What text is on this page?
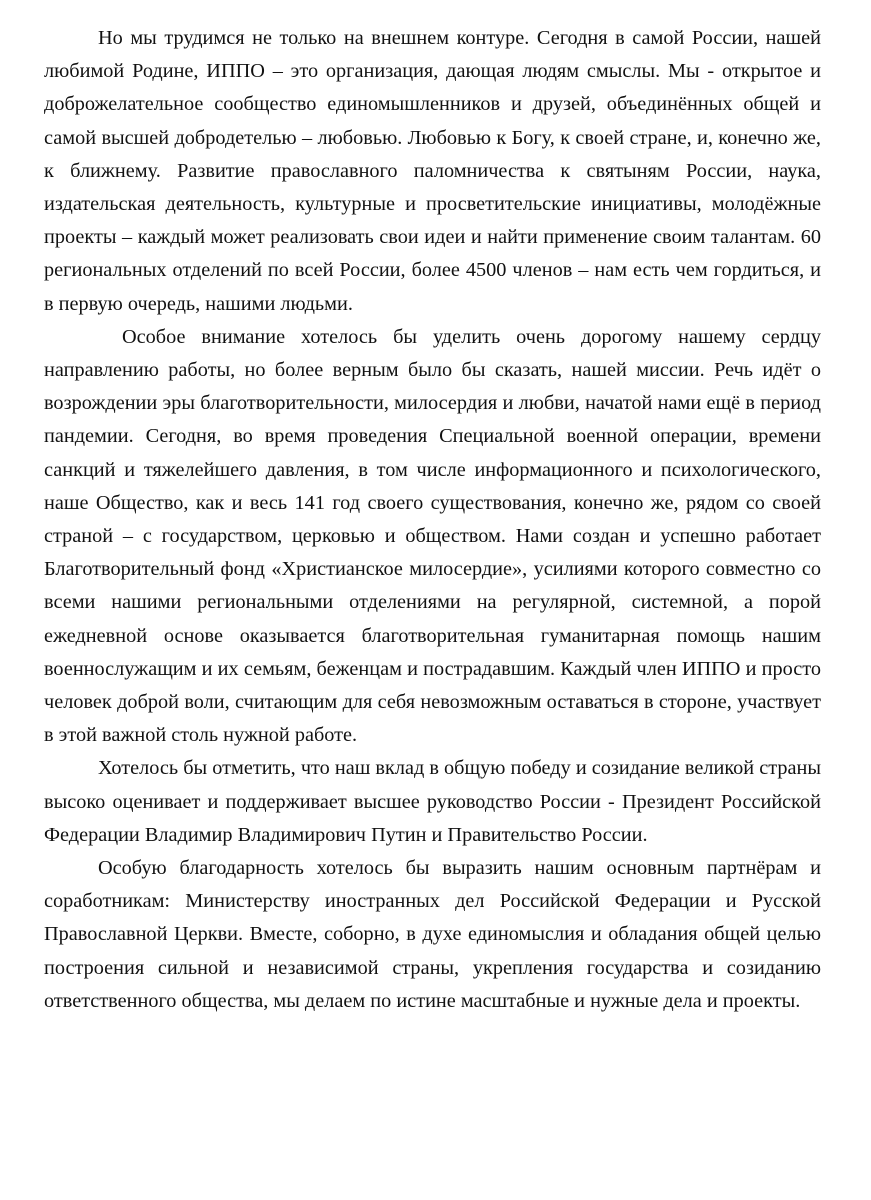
Но мы трудимся не только на внешнем контуре. Сегодня в самой России, нашей любимой Родине, ИППО – это организация, дающая людям смыслы. Мы - открытое и доброжелательное сообщество единомышленников и друзей, объединённых общей и самой высшей добродетелью – любовью. Любовью к Богу, к своей стране, и, конечно же, к ближнему. Развитие православного паломничества к святыням России, наука, издательская деятельность, культурные и просветительские инициативы, молодёжные проекты – каждый может реализовать свои идеи и найти применение своим талантам. 60 региональных отделений по всей России, более 4500 членов – нам есть чем гордиться, и в первую очередь, нашими людьми.

Особое внимание хотелось бы уделить очень дорогому нашему сердцу направлению работы, но более верным было бы сказать, нашей миссии. Речь идёт о возрождении эры благотворительности, милосердия и любви, начатой нами ещё в период пандемии. Сегодня, во время проведения Специальной военной операции, времени санкций и тяжелейшего давления, в том числе информационного и психологического, наше Общество, как и весь 141 год своего существования, конечно же, рядом со своей страной – с государством, церковью и обществом. Нами создан и успешно работает Благотворительный фонд «Христианское милосердие», усилиями которого совместно со всеми нашими региональными отделениями на регулярной, системной, а порой ежедневной основе оказывается благотворительная гуманитарная помощь нашим военнослужащим и их семьям, беженцам и пострадавшим. Каждый член ИППО и просто человек доброй воли, считающим для себя невозможным оставаться в стороне, участвует в этой важной столь нужной работе.

Хотелось бы отметить, что наш вклад в общую победу и созидание великой страны высоко оценивает и поддерживает высшее руководство России - Президент Российской Федерации Владимир Владимирович Путин и Правительство России.

Особую благодарность хотелось бы выразить нашим основным партнёрам и соработникам: Министерству иностранных дел Российской Федерации и Русской Православной Церкви. Вместе, соборно, в духе единомыслия и обладания общей целью построения сильной и независимой страны, укрепления государства и созиданию ответственного общества, мы делаем по истине масштабные и нужные дела и проекты.
